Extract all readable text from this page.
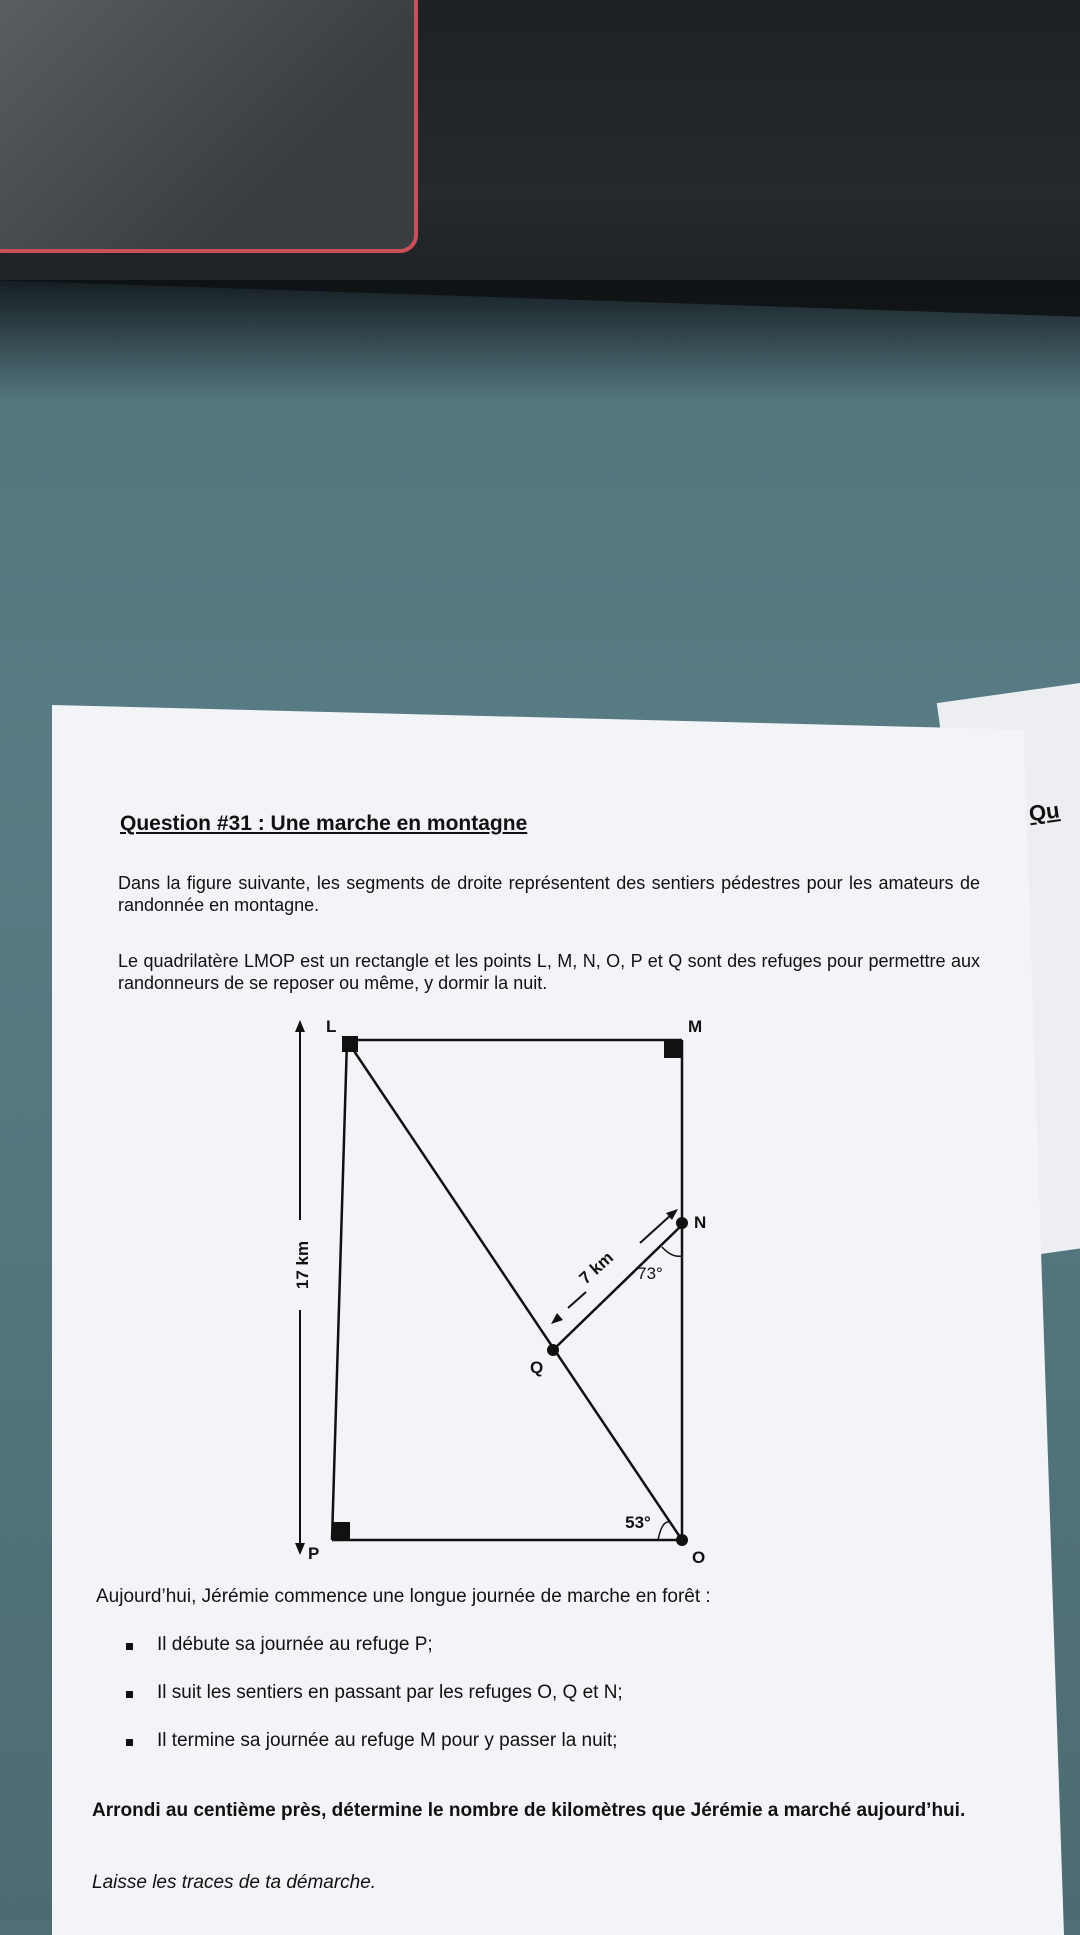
Qu
Question #31 : Une marche en montagne
Dans la figure suivante, les segments de droite représentent des sentiers pédestres pour les amateurs de randonnée en montagne.
Le quadrilatère LMOP est un rectangle et les points L, M, N, O, P et Q sont des refuges pour permettre aux randonneurs de se reposer ou même, y dormir la nuit.
17 km	7 km 73°
53°
L	M
N
Q
O
P
Aujourd’hui, Jérémie commence une longue journée de marche en forêt :
Il débute sa journée au refuge P;
Il suit les sentiers en passant par les refuges O, Q et N;
Il termine sa journée au refuge M pour y passer la nuit;
Arrondi au centième près, détermine le nombre de kilomètres que Jérémie a marché aujourd’hui.
Laisse les traces de ta démarche.
